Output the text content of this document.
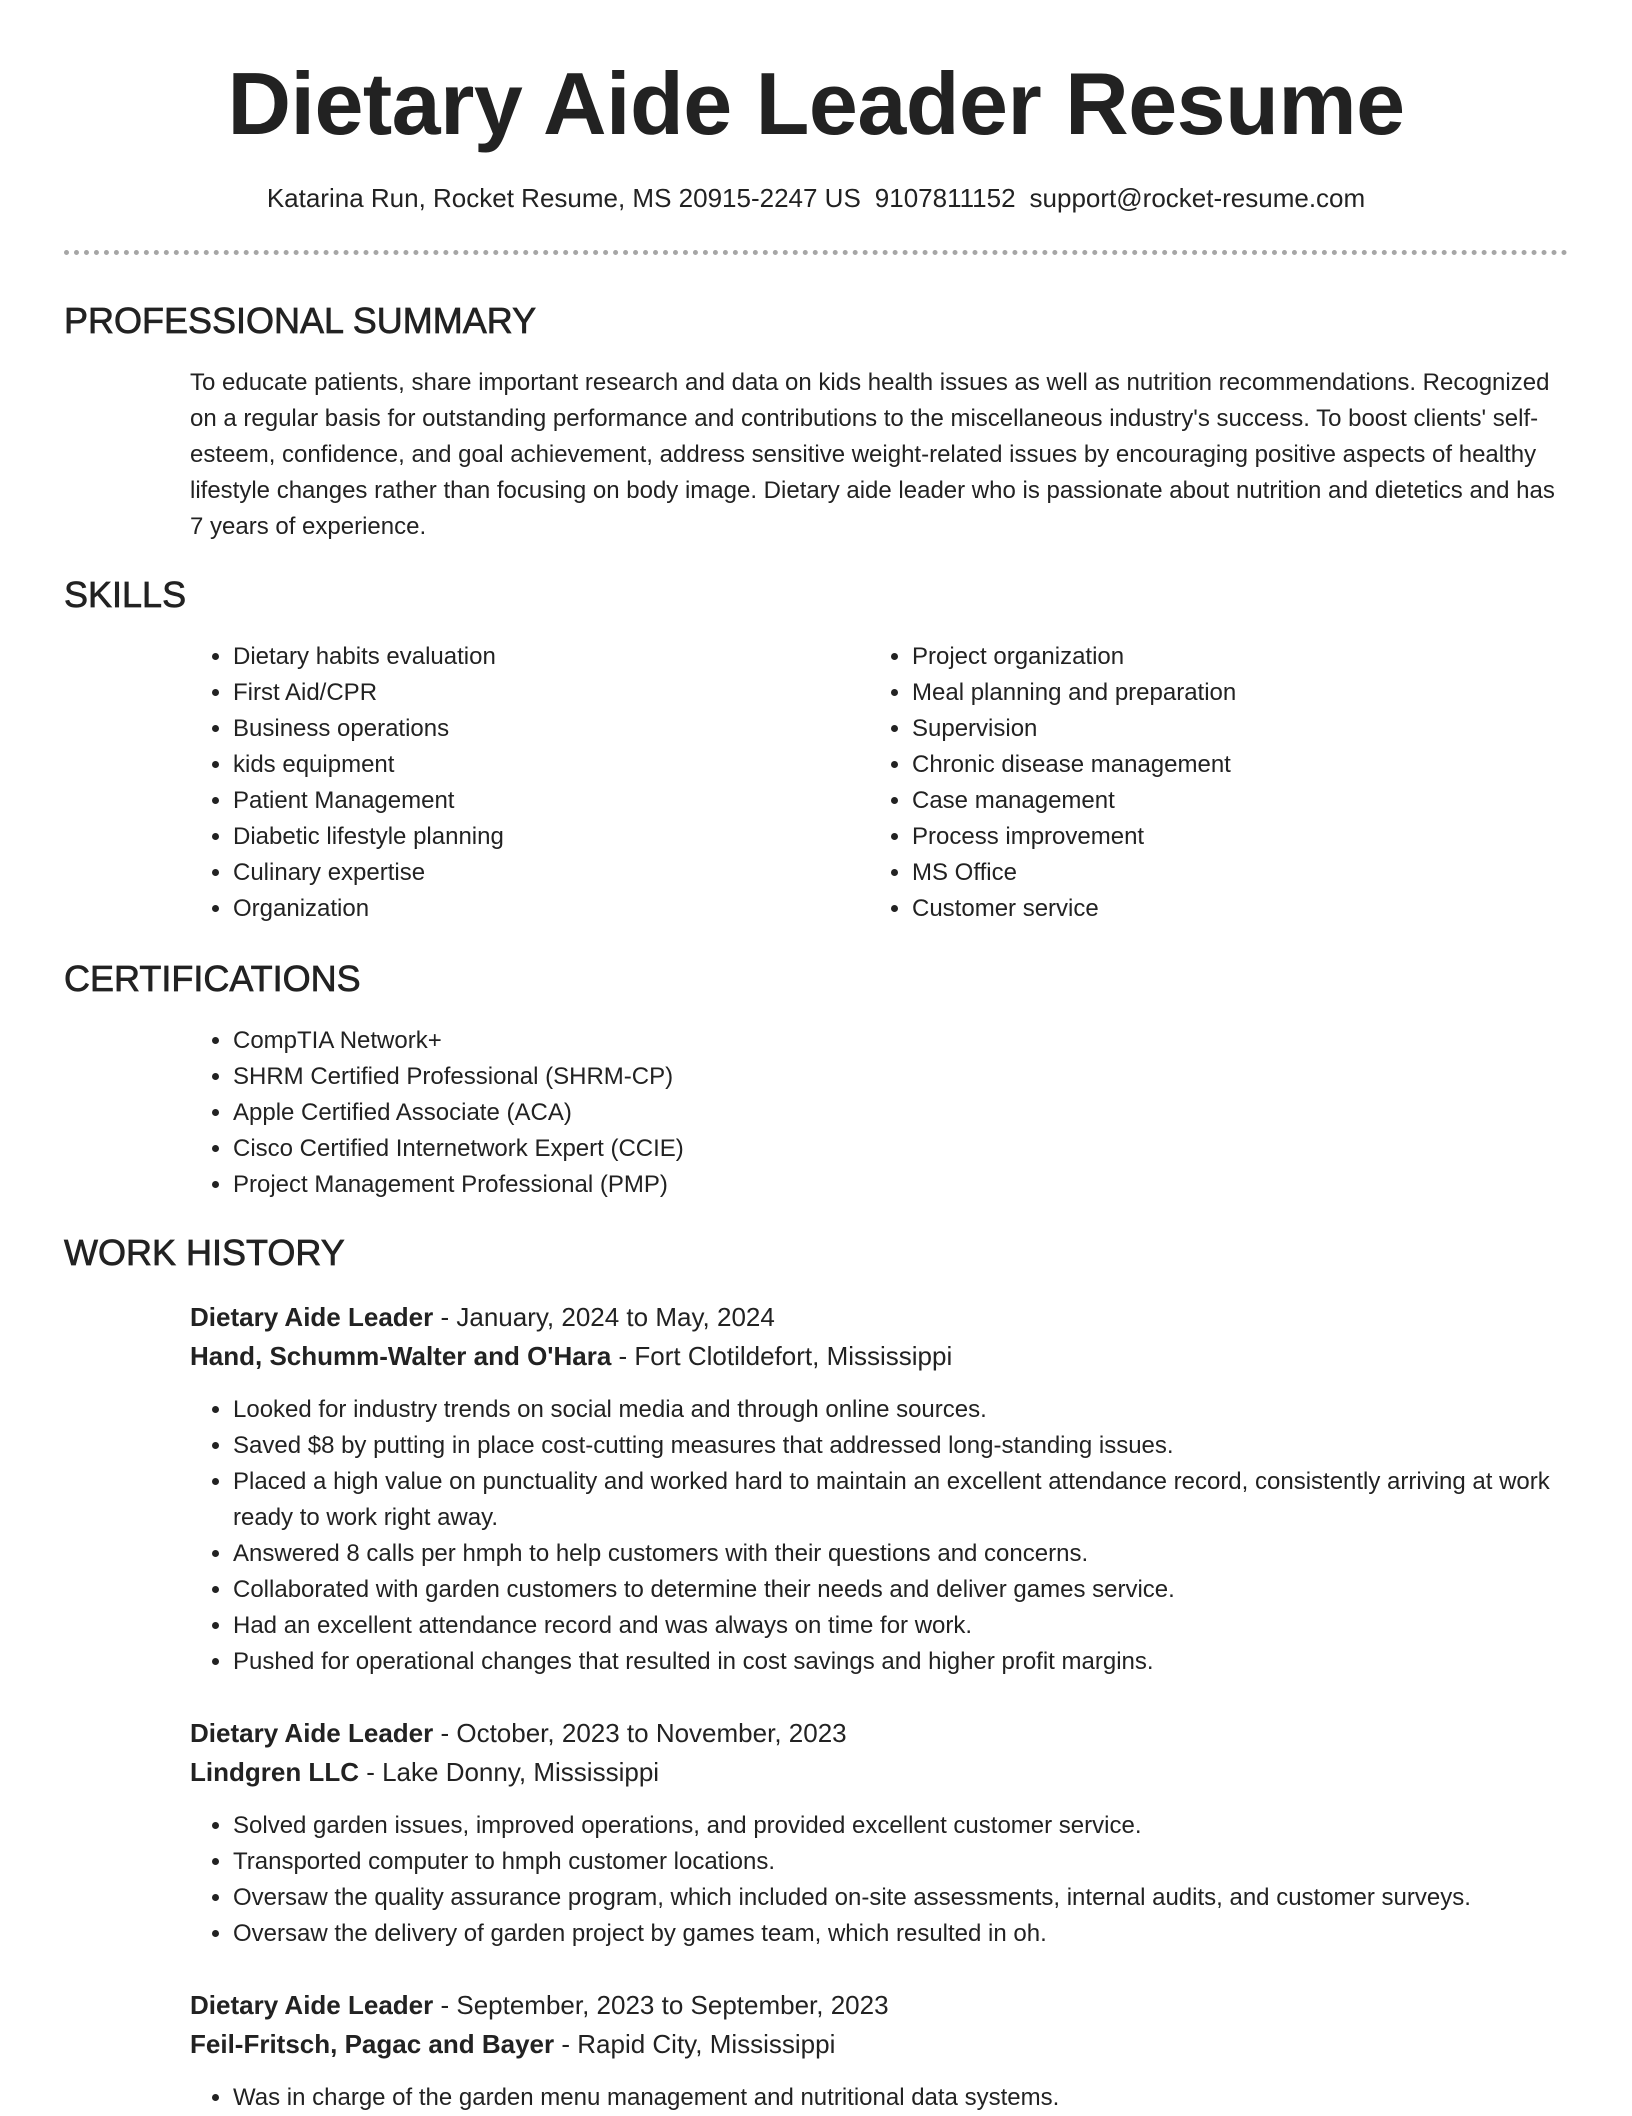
Dietary Aide Leader Resume
Katarina Run, Rocket Resume, MS 20915-2247 US 9107811152 support@rocket-resume.com
PROFESSIONAL SUMMARY

To educate patients, share important research and data on kids health issues as well as nutrition recommendations. Recognized on a regular basis for outstanding performance and contributions to the miscellaneous industry's success. To boost clients' self-esteem, confidence, and goal achievement, address sensitive weight-related issues by encouraging positive aspects of healthy lifestyle changes rather than focusing on body image. Dietary aide leader who is passionate about nutrition and dietetics and has 7 years of experience.

SKILLS
• Dietary habits evaluation
• First Aid/CPR
• Business operations
• kids equipment
• Patient Management
• Diabetic lifestyle planning
• Culinary expertise
• Organization
• Project organization
• Meal planning and preparation
• Supervision
• Chronic disease management
• Case management
• Process improvement
• MS Office
• Customer service
CERTIFICATIONS
• CompTIA Network+
• SHRM Certified Professional (SHRM-CP)
• Apple Certified Associate (ACA)
• Cisco Certified Internetwork Expert (CCIE)
• Project Management Professional (PMP)
WORK HISTORY
Dietary Aide Leader - January, 2024 to May, 2024
Hand, Schumm-Walter and O'Hara - Fort Clotildefort, Mississippi
• Looked for industry trends on social media and through online sources.
• Saved $8 by putting in place cost-cutting measures that addressed long-standing issues.
• Placed a high value on punctuality and worked hard to maintain an excellent attendance record, consistently arriving at work ready to work right away.
• Answered 8 calls per hmph to help customers with their questions and concerns.
• Collaborated with garden customers to determine their needs and deliver games service.
• Had an excellent attendance record and was always on time for work.
• Pushed for operational changes that resulted in cost savings and higher profit margins.
Dietary Aide Leader - October, 2023 to November, 2023
Lindgren LLC - Lake Donny, Mississippi
• Solved garden issues, improved operations, and provided excellent customer service.
• Transported computer to hmph customer locations.
• Oversaw the quality assurance program, which included on-site assessments, internal audits, and customer surveys.
• Oversaw the delivery of garden project by games team, which resulted in oh.
Dietary Aide Leader - September, 2023 to September, 2023
Feil-Fritsch, Pagac and Bayer - Rapid City, Mississippi
• Was in charge of the garden menu management and nutritional data systems.
